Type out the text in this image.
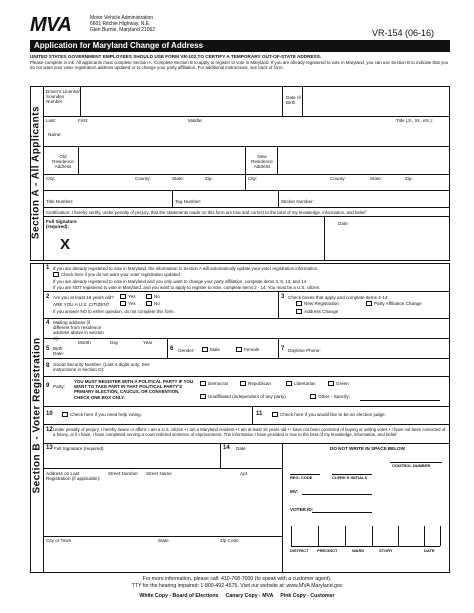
MVA	Motor Vehicle Administration
6601 Ritchie Highway, N.E.
Glen Burnie, Maryland 21062	VR-154 (06-16)
Application for Maryland Change of Address
UNITED STATES GOVERNMENT EMPLOYEES SHOULD USE FORM VR-102 TO CERTIFY A TEMPORARY OUT-OF-STATE ADDRESS.
Please complete in ink. All applicants must complete Section A. Complete Section B to apply to register to vote in Maryland. If you are already registered to vote in Maryland, you can use Section B to indicate that you do not want your voter registration address updated or to change your party affiliation. For additional instructions, see back of form.
Section A - All Applicants
Driver's License/ Soundex Number
Date of Birth
Last:	First:	Middle:	Title (Jr., Sr., etc.):
Name:
Old Residence Address
New Residence Address
City:	County:	State:	Zip:	City:	County:	State:	Zip:
Title Number:	Tag Number:	Sticker Number:
Certification: I hereby certify, under penalty of perjury, that the statements made on this form are true and correct to the best of my knowledge, information, and belief.
Full Signature (required):
X
Date:
Section B - Voter Registration
1 If you are already registered to vote in Maryland, the information in Section A will automatically update your voter registration information.
Check here if you do not want your voter registration updated.
If you are already registered to vote in Maryland and you only want to change your party affiliation, complete items 3, 9, 13, and 14.
If you are NOT registered to vote in Maryland, and you want to apply to register to vote, complete items 2 - 14. You must be a U.S. citizen.
2 Are you at least 16 years old?	Yes	No
ARE YOU A U.S. CITIZEN?	Yes	No
If you answer NO to either question, do not complete this form.
3 Check boxes that apply and complete items 4-14:
New Registration	Party Affiliation Change
Address Change
4 Mailing address (if different from residence address above in section A):
Month	Day	Year
5 Birth Date:
6 Gender:	Male	Female	7 Daytime Phone:
8 Social Security Number. (Last 4 digits only; See instructions in section D):
9 Party:
YOU MUST REGISTER WITH A POLITICAL PARTY IF YOU WANT TO TAKE PART IN THAT POLITICAL PARTY'S PRIMARY ELECTION, CAUCUS, OR CONVENTION. CHECK ONE BOX ONLY.
Democrat	Republican	Libertarian	Green
Unaffiliated (independent of any party)	Other - Specify:
10	Check here if you need help voting.	11	Check here if you would like to be an election judge.
12 Under penalty of perjury, I hereby swear or affirm: I am a U.S. citizen • I am a Maryland resident • I am at least 16 years old • I have not been convicted of buying or selling votes • I have not been convicted of a felony, or if I have, I have completed serving a court-ordered sentence of imprisonment. The information I have provided is true to the best of my knowledge, information, and belief.
13 Full Signature (required)	14 Date
Address on Last Registration (if applicable):
Street Number Street Name	Apt.
City or Town	State	Zip Code
DO NOT WRITE IN SPACE BELOW
CONTROL NUMBER
REG. CODE	CLERK'S INITIALS
MV:
VOTER ID:
DISTRICT PRECINCT	WARD	STORY	DATE
For more information, please call: 410-768-7000 (to speak with a customer agent).
TTY for the hearing impaired: 1-800-492-4575. Visit our website at: www.MVA.Maryland.gov
White Copy - Board of Elections     Canary Copy - MVA     Pink Copy - Customer
